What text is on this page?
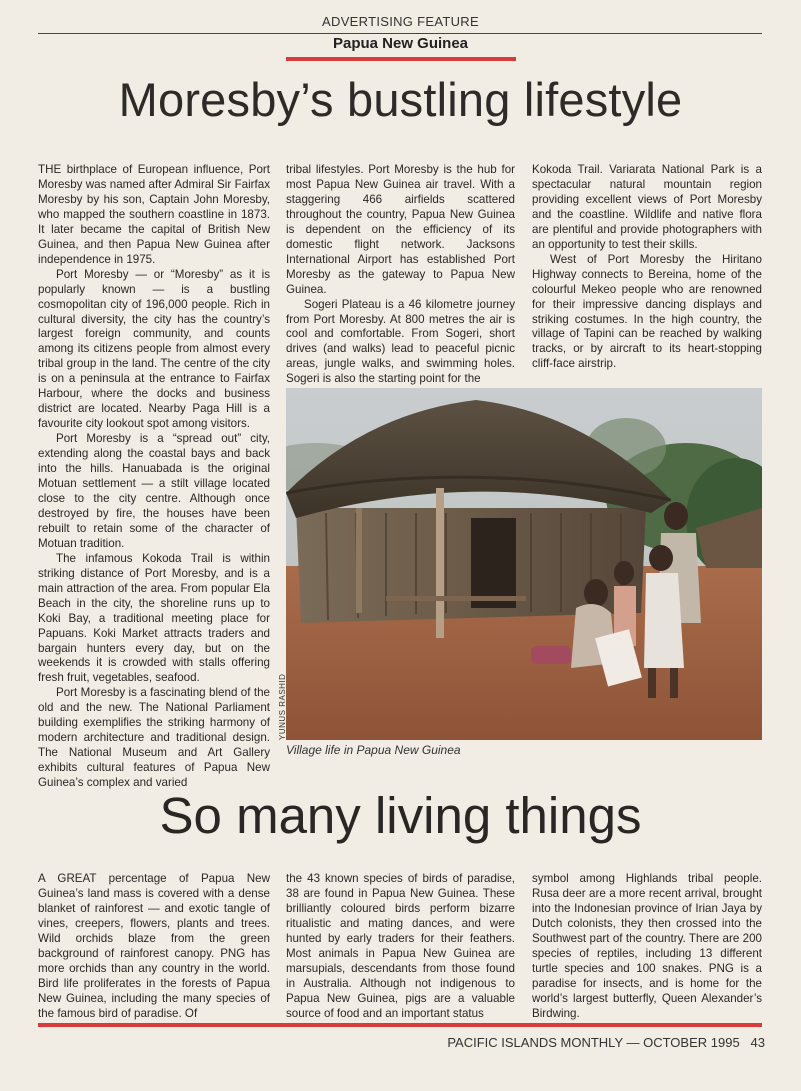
ADVERTISING FEATURE
Papua New Guinea
Moresby’s bustling lifestyle

THE birthplace of European influence, Port Moresby was named after Admiral Sir Fairfax Moresby by his son, Captain John Moresby, who mapped the southern coastline in 1873. It later became the capital of British New Guinea, and then Papua New Guinea after independence in 1975.

Port Moresby — or “Moresby” as it is popularly known — is a bustling cosmopolitan city of 196,000 people. Rich in cultural diversity, the city has the country’s largest foreign community, and counts among its citizens people from almost every tribal group in the land. The centre of the city is on a peninsula at the entrance to Fairfax Harbour, where the docks and business district are located. Nearby Paga Hill is a favourite city lookout spot among visitors.

Port Moresby is a “spread out” city, extending along the coastal bays and back into the hills. Hanuabada is the original Motuan settlement — a stilt village located close to the city centre. Although once destroyed by fire, the houses have been rebuilt to retain some of the character of Motuan tradition.

The infamous Kokoda Trail is within striking distance of Port Moresby, and is a main attraction of the area. From popular Ela Beach in the city, the shoreline runs up to Koki Bay, a traditional meeting place for Papuans. Koki Market attracts traders and bargain hunters every day, but on the weekends it is crowded with stalls offering fresh fruit, vegetables, seafood.

Port Moresby is a fascinating blend of the old and the new. The National Parliament building exemplifies the striking harmony of modern architecture and traditional design. The National Museum and Art Gallery exhibits cultural features of Papua New Guinea’s complex and varied

tribal lifestyles. Port Moresby is the hub for most Papua New Guinea air travel. With a staggering 466 airfields scattered throughout the country, Papua New Guinea is dependent on the efficiency of its domestic flight network. Jacksons International Airport has established Port Moresby as the gateway to Papua New Guinea.

Sogeri Plateau is a 46 kilometre journey from Port Moresby. At 800 metres the air is cool and comfortable. From Sogeri, short drives (and walks) lead to peaceful picnic areas, jungle walks, and swimming holes. Sogeri is also the starting point for the

Kokoda Trail. Variarata National Park is a spectacular natural mountain region providing excellent views of Port Moresby and the coastline. Wildlife and native flora are plentiful and provide photographers with an opportunity to test their skills.

West of Port Moresby the Hiritano Highway connects to Bereina, home of the colourful Mekeo people who are renowned for their impressive dancing displays and striking costumes. In the high country, the village of Tapini can be reached by walking tracks, or by aircraft to its heart-stopping cliff-face airstrip.

YUNUS RASHID
Village life in Papua New Guinea
So many living things

A GREAT percentage of Papua New Guinea’s land mass is covered with a dense blanket of rainforest — and exotic tangle of vines, creepers, flowers, plants and trees. Wild orchids blaze from the green background of rainforest canopy. PNG has more orchids than any country in the world. Bird life proliferates in the forests of Papua New Guinea, including the many species of the famous bird of paradise. Of

the 43 known species of birds of paradise, 38 are found in Papua New Guinea. These brilliantly coloured birds perform bizarre ritualistic and mating dances, and were hunted by early traders for their feathers. Most animals in Papua New Guinea are marsupials, descendants from those found in Australia. Although not indigenous to Papua New Guinea, pigs are a valuable source of food and an important status

symbol among Highlands tribal people. Rusa deer are a more recent arrival, brought into the Indonesian province of Irian Jaya by Dutch colonists, they then crossed into the Southwest part of the country. There are 200 species of reptiles, including 13 different turtle species and 100 snakes. PNG is a paradise for insects, and is home for the world’s largest butterfly, Queen Alexander’s Birdwing.

PACIFIC ISLANDS MONTHLY — OCTOBER 1995 43
